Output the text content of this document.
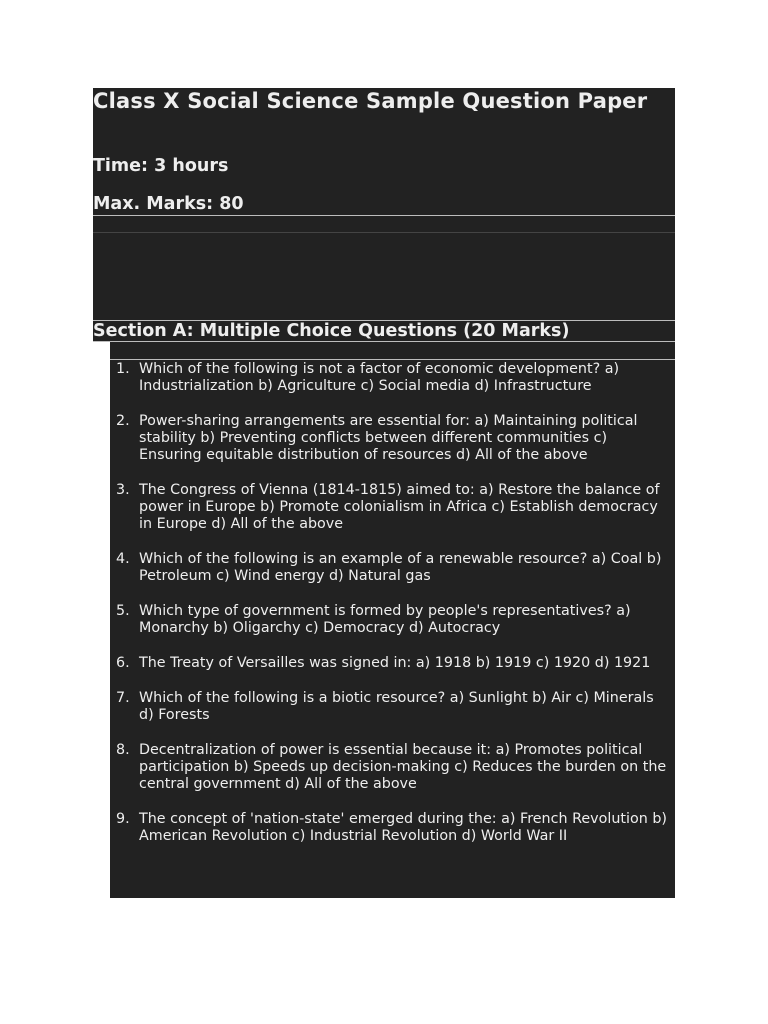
Class X Social Science Sample Question Paper

Time: 3 hours

Max. Marks: 80

Section A: Multiple Choice Questions (20 Marks)
1. Which of the following is not a factor of economic development? a) Industrialization b) Agriculture c) Social media d) Infrastructure
2. Power-sharing arrangements are essential for: a) Maintaining political stability b) Preventing conflicts between different communities c) Ensuring equitable distribution of resources d) All of the above
3. The Congress of Vienna (1814-1815) aimed to: a) Restore the balance of power in Europe b) Promote colonialism in Africa c) Establish democracy in Europe d) All of the above
4. Which of the following is an example of a renewable resource? a) Coal b) Petroleum c) Wind energy d) Natural gas
5. Which type of government is formed by people's representatives? a) Monarchy b) Oligarchy c) Democracy d) Autocracy
6. The Treaty of Versailles was signed in: a) 1918 b) 1919 c) 1920 d) 1921
7. Which of the following is a biotic resource? a) Sunlight b) Air c) Minerals d) Forests
8. Decentralization of power is essential because it: a) Promotes political participation b) Speeds up decision-making c) Reduces the burden on the central government d) All of the above
9. The concept of 'nation-state' emerged during the: a) French Revolution b) American Revolution c) Industrial Revolution d) World War II
